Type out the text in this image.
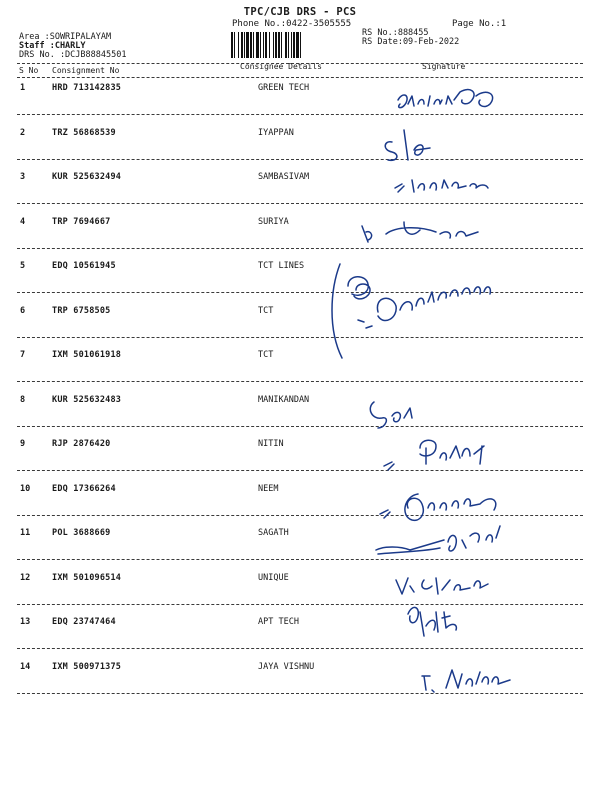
TPC/CJB DRS - PCS
Phone No.:0422-3505555	Page No.:1
Area :SOWRIPALAYAM
Staff :CHARLY
DRS No. :DCJB88845501
RS No.:888455
RS Date:09-Feb-2022
S No Consignment No	Consignee Details	Signature
1	HRD 713142835	GREEN TECH
2	TRZ 56868539	IYAPPAN
3	KUR 525632494	SAMBASIVAM
4	TRP 7694667	SURIYA
5	EDQ 10561945	TCT LINES
6	TRP 6758505	TCT
7	IXM 501061918	TCT
8	KUR 525632483	MANIKANDAN
9	RJP 2876420	NITIN
10	EDQ 17366264	NEEM
11	POL 3688669	SAGATH
12	IXM 501096514	UNIQUE
13	EDQ 23747464	APT TECH
14	IXM 500971375	JAYA VISHNU
